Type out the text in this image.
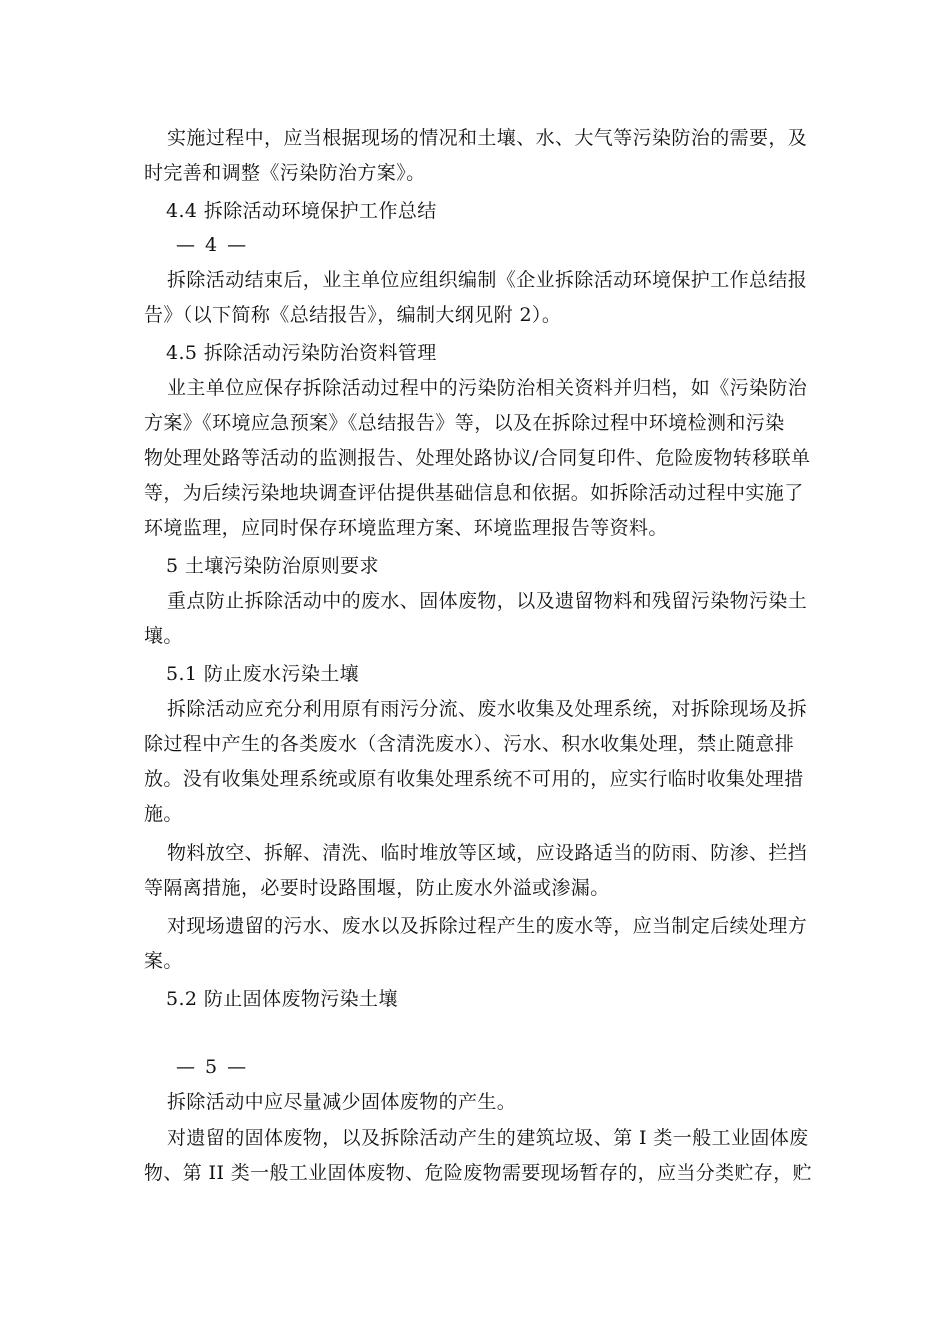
实施过程中，应当根据现场的情况和土壤、水、大气等污染防治的需要，及
时完善和调整《污染防治方案》。
4.4 拆除活动环境保护工作总结
— 4 —
拆除活动结束后，业主单位应组织编制《企业拆除活动环境保护工作总结报
告》（以下简称《总结报告》，编制大纲见附 2）。
4.5 拆除活动污染防治资料管理
业主单位应保存拆除活动过程中的污染防治相关资料并归档，如《污染防治
方案》《环境应急预案》《总结报告》等，以及在拆除过程中环境检测和污染
物处理处路等活动的监测报告、处理处路协议/合同复印件、危险废物转移联单
等，为后续污染地块调查评估提供基础信息和依据。如拆除活动过程中实施了
环境监理，应同时保存环境监理方案、环境监理报告等资料。
5 土壤污染防治原则要求
重点防止拆除活动中的废水、固体废物，以及遗留物料和残留污染物污染土
壤。
5.1 防止废水污染土壤
拆除活动应充分利用原有雨污分流、废水收集及处理系统，对拆除现场及拆
除过程中产生的各类废水（含清洗废水）、污水、积水收集处理，禁止随意排
放。没有收集处理系统或原有收集处理系统不可用的，应实行临时收集处理措
施。
物料放空、拆解、清洗、临时堆放等区域，应设路适当的防雨、防渗、拦挡
等隔离措施，必要时设路围堰，防止废水外溢或渗漏。
对现场遗留的污水、废水以及拆除过程产生的废水等，应当制定后续处理方
案。
5.2 防止固体废物污染土壤
— 5 —
拆除活动中应尽量减少固体废物的产生。
对遗留的固体废物，以及拆除活动产生的建筑垃圾、第 I 类一般工业固体废
物、第 II 类一般工业固体废物、危险废物需要现场暂存的，应当分类贮存，贮
